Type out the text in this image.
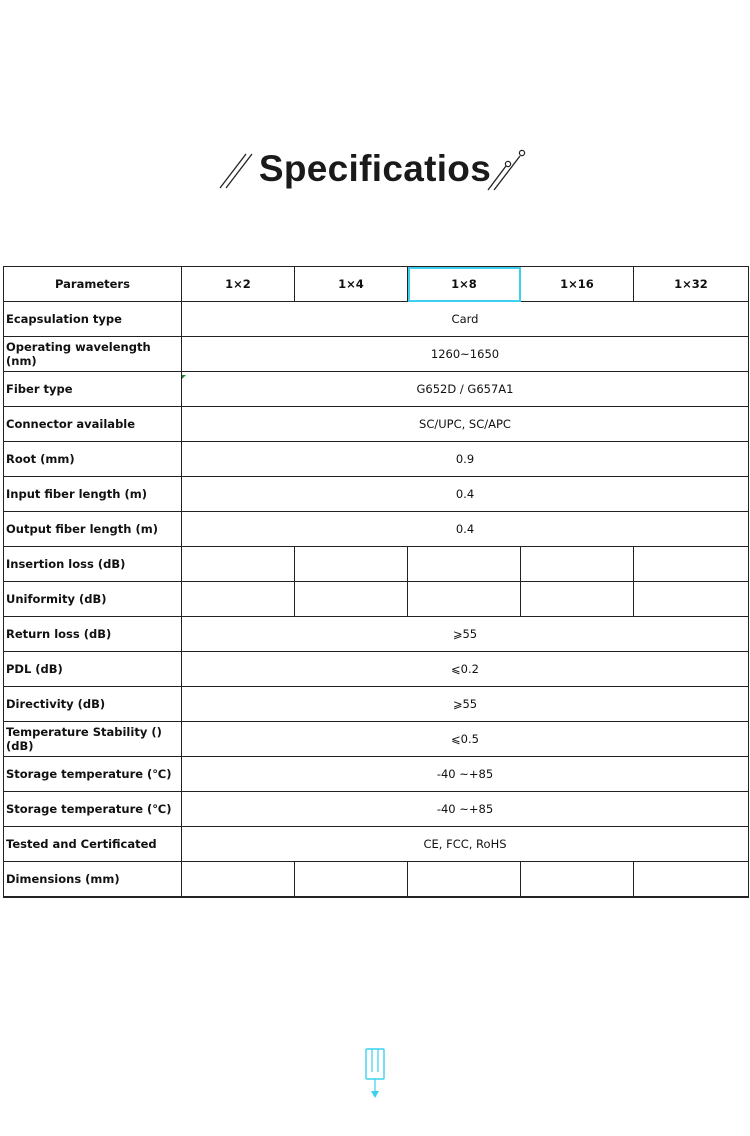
Specificatios
Parameters	1×2	1×4	1×8	1×16	1×32
Ecapsulation type	Card				
Operating wavelength (nm)	1260~1650				
Fiber type	G652D / G657A1				
Connector available	SC/UPC, SC/APC				
Root (mm)	0.9				
Input fiber length (m)	0.4				
Output fiber length (m)	0.4				
Insertion loss (dB)					
Uniformity (dB)					
Return loss (dB)	⩾55				
PDL (dB)	⩽0.2				
Directivity (dB)	⩾55				
Temperature Stability () (dB)	⩽0.5				
Storage temperature (℃)	-40 ~+85				
Storage temperature (℃)	-40 ~+85				
Tested and Certificated	CE, FCC, RoHS				
Dimensions (mm)					
